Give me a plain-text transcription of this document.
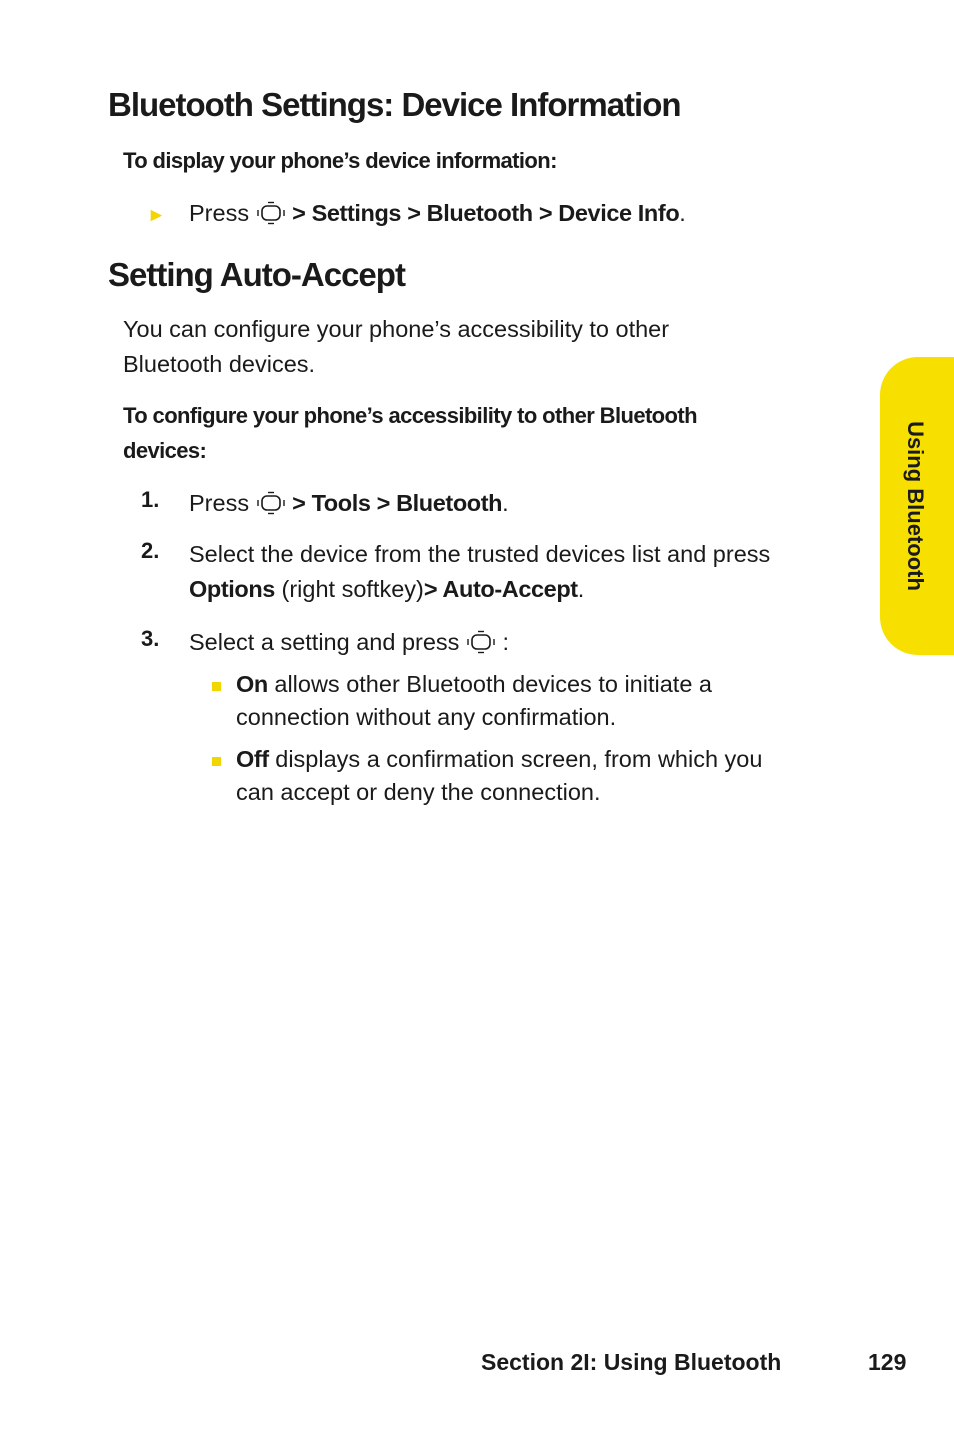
Bluetooth Settings: Device Information
To display your phone’s device information:
► Press > Settings > Bluetooth > Device Info.
Setting Auto-Accept
You can configure your phone’s accessibility to other
Bluetooth devices.
To configure your phone’s accessibility to other Bluetooth
devices:
1. Press > Tools > Bluetooth.
2. Select the device from the trusted devices list and press
Options (right softkey)> Auto-Accept.
3. Select a setting and press :
On allows other Bluetooth devices to initiate a
connection without any confirmation.
Off displays a confirmation screen, from which you
can accept or deny the connection.
Using Bluetooth
Section 2I: Using Bluetooth	129
